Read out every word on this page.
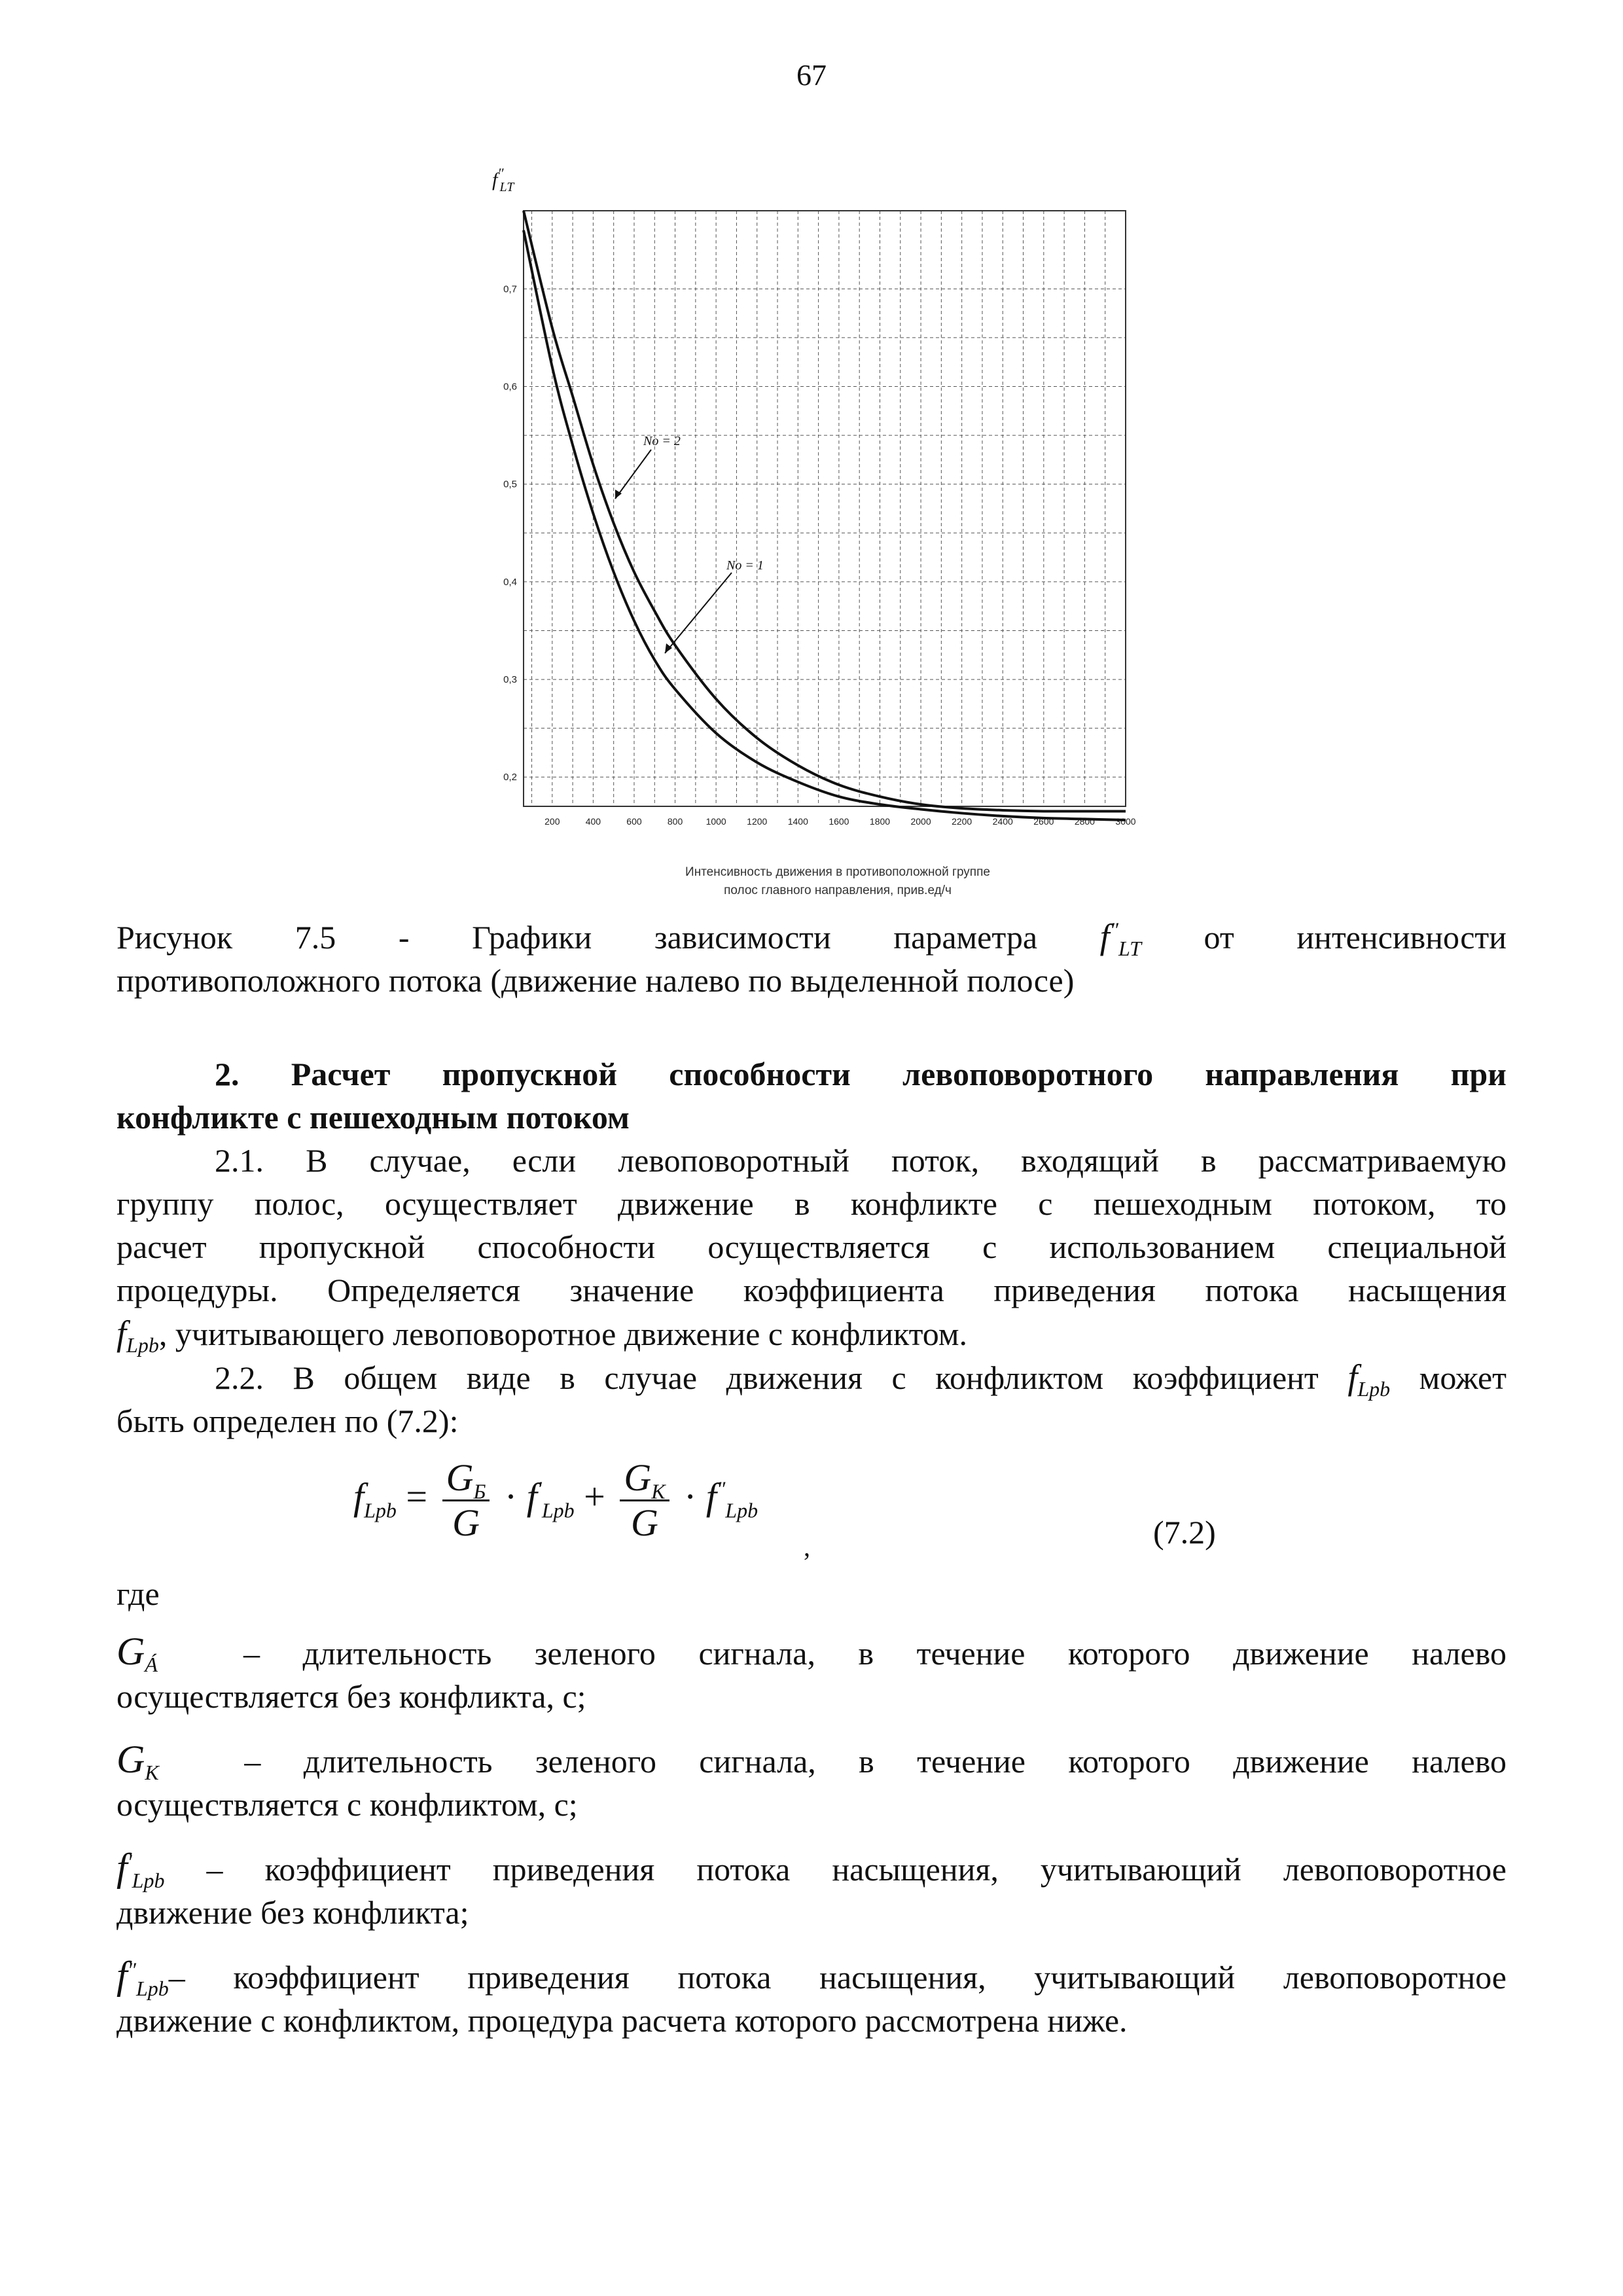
67
0,2
0,3
0,4
0,5
0,6
0,7
200	400	600	800	1000 1200 1400 1600 1800 2000 2200 2400 2600 2800 3000
f″ LT
No = 2
No = 1
Интенсивность движения в противоположной группе
полос главного направления, прив.ед/ч
Рисунок 7.5 - Графики зависимости параметра $f''_{LT}$ от интенсивности
противоположного потока (движение налево по выделенной полосе)
2. Расчет пропускной способности левоповоротного направления при
конфликте с пешеходным потоком
2.1. В случае, если левоповоротный поток, входящий в рассматриваемую
группу полос, осуществляет движение в конфликте с пешеходным потоком, то
расчет пропускной способности осуществляется с использованием специальной
процедуры. Определяется значение коэффициента приведения потока насыщения
$f_{Lpb}$, учитывающего левоповоротное движение с конфликтом.
2.2. В общем виде в случае движения с конфликтом коэффициент $f_{Lpb}$ может
быть определен по (7.2):
$f_{Lpb} = \frac{G_Б}{G} \cdot f'_{Lpb} + \frac{G_К}{G} \cdot f''_{Lpb}$
,	(7.2)
где
$G_Á$	– длительность зеленого сигнала, в течение которого движение налево
осуществляется без конфликта, с;
$G_К$	– длительность зеленого сигнала, в течение которого движение налево
осуществляется с конфликтом, с;
$f'_{Lpb}$ – коэффициент приведения потока насыщения, учитывающий левоповоротное
движение без конфликта;
$f''_{Lpb}-$ коэффициент приведения потока насыщения, учитывающий левоповоротное
движение с конфликтом, процедура расчета которого рассмотрена ниже.
